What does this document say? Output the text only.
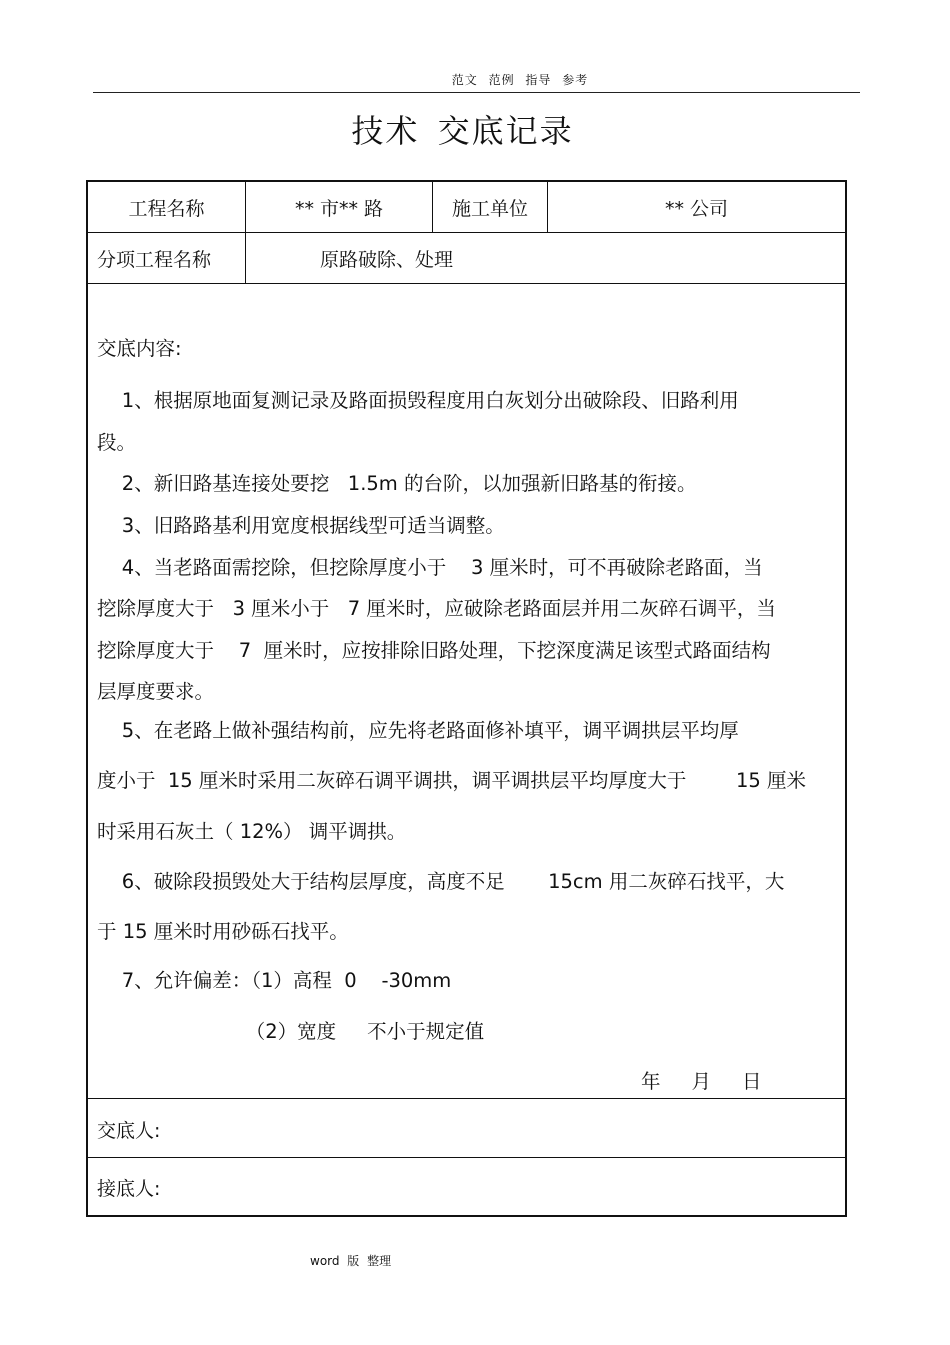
范文 范例 指导 参考
技术 交底记录
工程名称	** 市** 路	施工单位	** 公司
分项工程名称	原路破除、处理
交底内容:
1、根据原地面复测记录及路面损毁程度用白灰划分出破除段、旧路利用
段。
2、新旧路基连接处要挖   1.5m 的台阶，以加强新旧路基的衔接。
3、旧路路基利用宽度根据线型可适当调整。
4、当老路面需挖除，但挖除厚度小于    3 厘米时，可不再破除老路面，当
挖除厚度大于   3 厘米小于   7 厘米时，应破除老路面层并用二灰碎石调平，当
挖除厚度大于    7  厘米时，应按排除旧路处理，下挖深度满足该型式路面结构
层厚度要求。
5、在老路上做补强结构前，应先将老路面修补填平，调平调拱层平均厚
度小于  15 厘米时采用二灰碎石调平调拱，调平调拱层平均厚度大于        15 厘米
时采用石灰土（ 12%） 调平调拱。
6、破除段损毁处大于结构层厚度，高度不足       15cm 用二灰碎石找平，大
于 15 厘米时用砂砾石找平。
7、允许偏差：（1）高程  0    -30mm
（2）宽度     不小于规定值
年     月     日
交底人:
接底人:
word 版 整理
